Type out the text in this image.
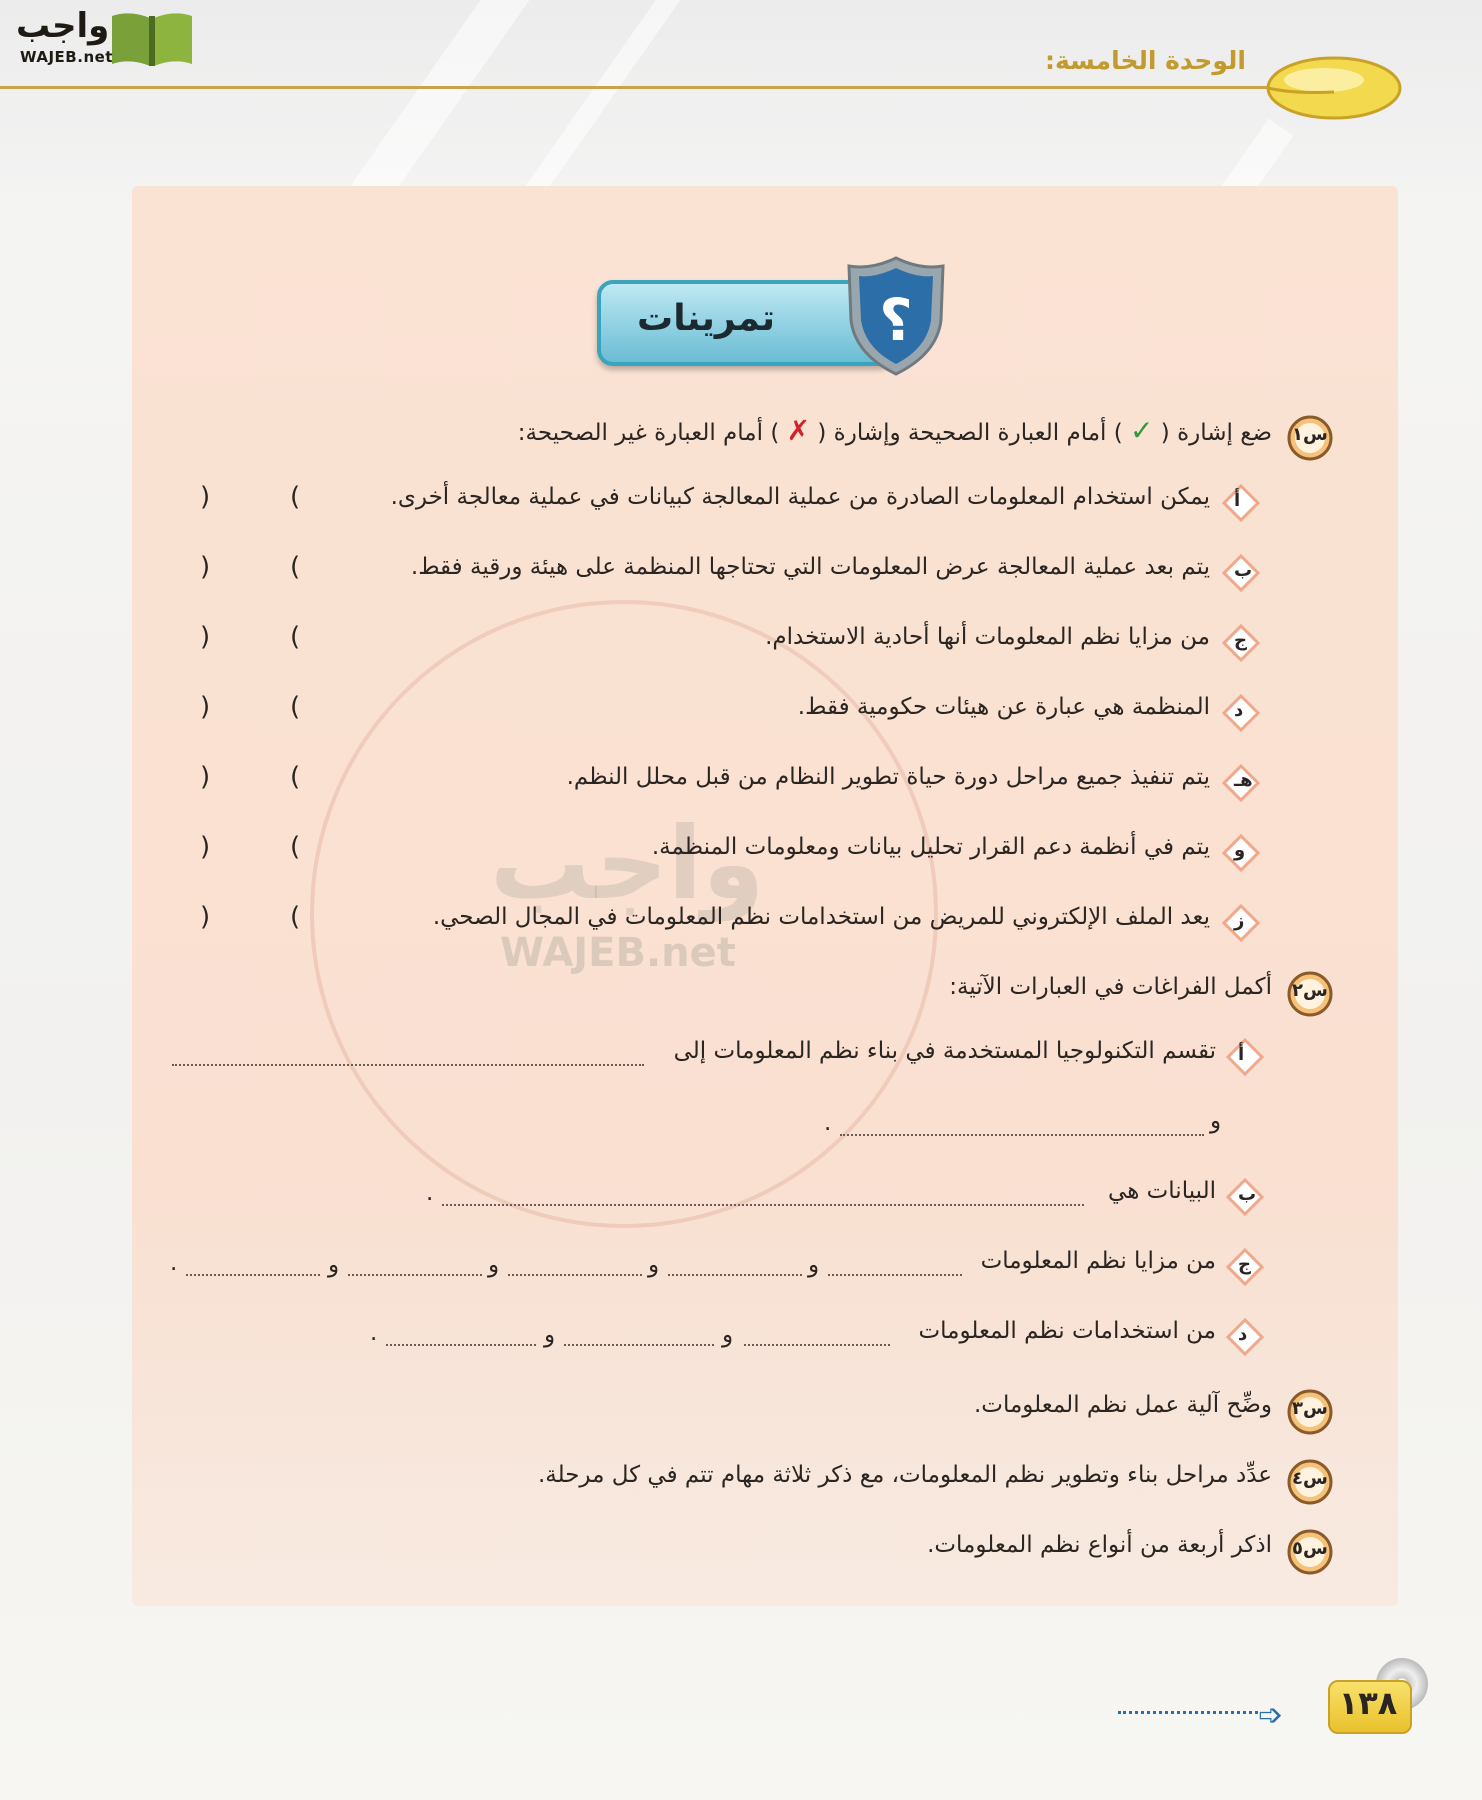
واجب
WAJEB.net	الوحدة الخامسة:
واجب
WAJEB.net
تمرينات	؟
س١
ضع إشارة ( ✓ ) أمام العبارة الصحيحة وإشارة ( ✗ ) أمام العبارة غير الصحيحة:
أ
يمكن استخدام المعلومات الصادرة من عملية المعالجة كبيانات في عملية معالجة أخرى.
(
)
ب
يتم بعد عملية المعالجة عرض المعلومات التي تحتاجها المنظمة على هيئة ورقية فقط.
(
)
ج
من مزايا نظم المعلومات أنها أحادية الاستخدام.
(
)
د
المنظمة هي عبارة عن هيئات حكومية فقط.
(
)
هـ
يتم تنفيذ جميع مراحل دورة حياة تطوير النظام من قبل محلل النظم.
(
)
و
يتم في أنظمة دعم القرار تحليل بيانات ومعلومات المنظمة.
(
)
ز
يعد الملف الإلكتروني للمريض من استخدامات نظم المعلومات في المجال الصحي.
(
)
س٢
أكمل الفراغات في العبارات الآتية:
أ
تقسم التكنولوجيا المستخدمة في بناء نظم المعلومات إلى
و
.
ب
البيانات هي
.
ج
من مزايا نظم المعلومات
و
و
و
و
.
د
من استخدامات نظم المعلومات
و
و
.
س٣
وضِّح آلية عمل نظم المعلومات.
س٤
عدِّد مراحل بناء وتطوير نظم المعلومات، مع ذكر ثلاثة مهام تتم في كل مرحلة.
س٥
اذكر أربعة من أنواع نظم المعلومات.
➩	١٣٨
